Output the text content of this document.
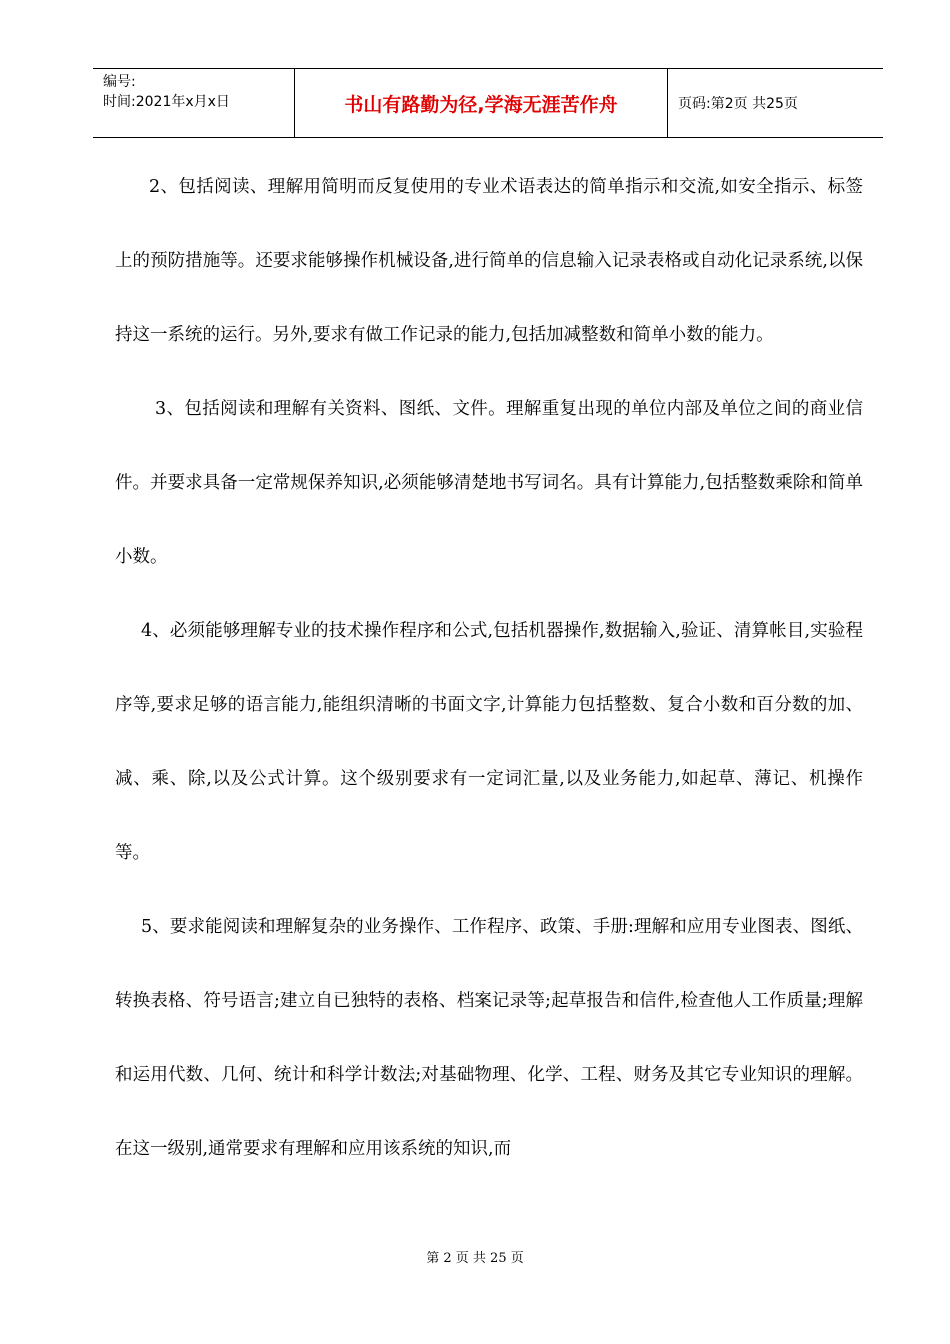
编号:
时间:2021年x月x日	书山有路勤为径,学海无涯苦作舟	页码:第2页 共25页

2、包括阅读、理解用简明而反复使用的专业术语表达的简单指示和交流,如安全指示、标签上的预防措施等。还要求能够操作机械设备,进行简单的信息输入记录表格或自动化记录系统,以保持这一系统的运行。另外,要求有做工作记录的能力,包括加减整数和简单小数的能力。

3、包括阅读和理解有关资料、图纸、文件。理解重复出现的单位内部及单位之间的商业信件。并要求具备一定常规保养知识,必须能够清楚地书写词名。具有计算能力,包括整数乘除和简单小数。

4、必须能够理解专业的技术操作程序和公式,包括机器操作,数据输入,验证、清算帐目,实验程序等,要求足够的语言能力,能组织清晰的书面文字,计算能力包括整数、复合小数和百分数的加、减、乘、除,以及公式计算。这个级别要求有一定词汇量,以及业务能力,如起草、薄记、机操作等。

5、要求能阅读和理解复杂的业务操作、工作程序、政策、手册:理解和应用专业图表、图纸、转换表格、符号语言;建立自已独特的表格、档案记录等;起草报告和信件,检查他人工作质量;理解和运用代数、几何、统计和科学计数法;对基础物理、化学、工程、财务及其它专业知识的理解。在这一级别,通常要求有理解和应用该系统的知识,而

第 2 页 共 25 页
